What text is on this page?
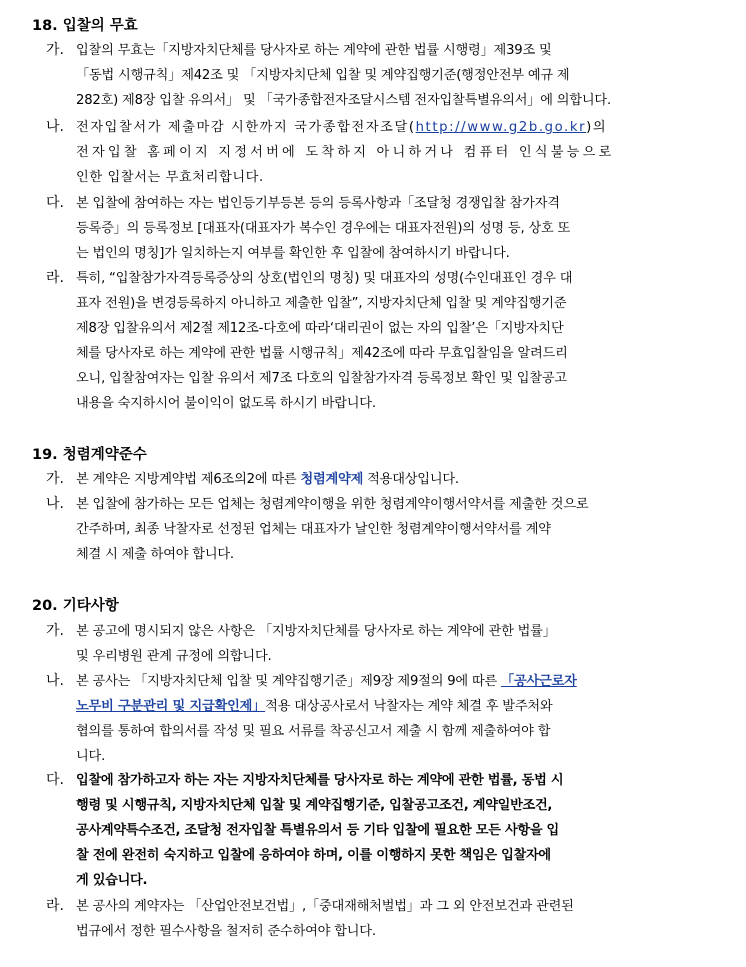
18. 입찰의 무효
가. 입찰의 무효는「지방자치단체를 당사자로 하는 계약에 관한 법률 시행령」제39조 및
「동법 시행규칙」제42조 및 「지방자치단체 입찰 및 계약집행기준(행정안전부 예규 제
282호) 제8장 입찰 유의서」 및 「국가종합전자조달시스템 전자입찰특별유의서」에 의합니다.
나. 전자입찰서가 제출마감 시한까지 국가종합전자조달(http://www.g2b.go.kr)의
전자입찰 홈페이지 지정서버에 도착하지 아니하거나 컴퓨터 인식불능으로
인한 입찰서는 무효처리합니다.
다. 본 입찰에 참여하는 자는 법인등기부등본 등의 등록사항과「조달청 경쟁입찰 참가자격
등록증」의 등록정보 [대표자(대표자가 복수인 경우에는 대표자전원)의 성명 등, 상호 또
는 법인의 명칭]가 일치하는지 여부를 확인한 후 입찰에 참여하시기 바랍니다.
라. 특히, “입찰참가자격등록증상의 상호(법인의 명칭) 및 대표자의 성명(수인대표인 경우 대
표자 전원)을 변경등록하지 아니하고 제출한 입찰”, 지방자치단체 입찰 및 계약집행기준
제8장 입찰유의서 제2절 제12조-다호에 따라‘대리권이 없는 자의 입찰’은「지방자치단
체를 당사자로 하는 계약에 관한 법률 시행규칙」제42조에 따라 무효입찰임을 알려드리
오니, 입찰참여자는 입찰 유의서 제7조 다호의 입찰참가자격 등록정보 확인 및 입찰공고
내용을 숙지하시어 불이익이 없도록 하시기 바랍니다.
19. 청렴계약준수
가. 본 계약은 지방계약법 제6조의2에 따른 청렴계약제 적용대상입니다.
나. 본 입찰에 참가하는 모든 업체는 청렴계약이행을 위한 청렴계약이행서약서를 제출한 것으로
간주하며, 최종 낙찰자로 선정된 업체는 대표자가 날인한 청렴계약이행서약서를 계약
체결 시 제출 하여야 합니다.
20. 기타사항
가. 본 공고에 명시되지 않은 사항은 「지방자치단체를 당사자로 하는 계약에 관한 법률」
및 우리병원 관계 규정에 의합니다.
나. 본 공사는 「지방자치단체 입찰 및 계약집행기준」제9장 제9절의 9에 따른 「공사근로자
노무비 구분관리 및 지급확인제」적용 대상공사로서 낙찰자는 계약 체결 후 발주처와
협의를 통하여 합의서를 작성 및 필요 서류를 착공신고서 제출 시 함께 제출하여야 합
니다.
다. 입찰에 참가하고자 하는 자는 지방자치단체를 당사자로 하는 계약에 관한 법률, 동법 시
행령 및 시행규칙, 지방자치단체 입찰 및 계약집행기준, 입찰공고조건, 계약일반조건,
공사계약특수조건, 조달청 전자입찰 특별유의서 등 기타 입찰에 필요한 모든 사항을 입
찰 전에 완전히 숙지하고 입찰에 응하여야 하며, 이를 이행하지 못한 책임은 입찰자에
게 있습니다.
라. 본 공사의 계약자는 「산업안전보건법」,「중대재해처벌법」과 그 외 안전보건과 관련된
법규에서 정한 필수사항을 철저히 준수하여야 합니다.
